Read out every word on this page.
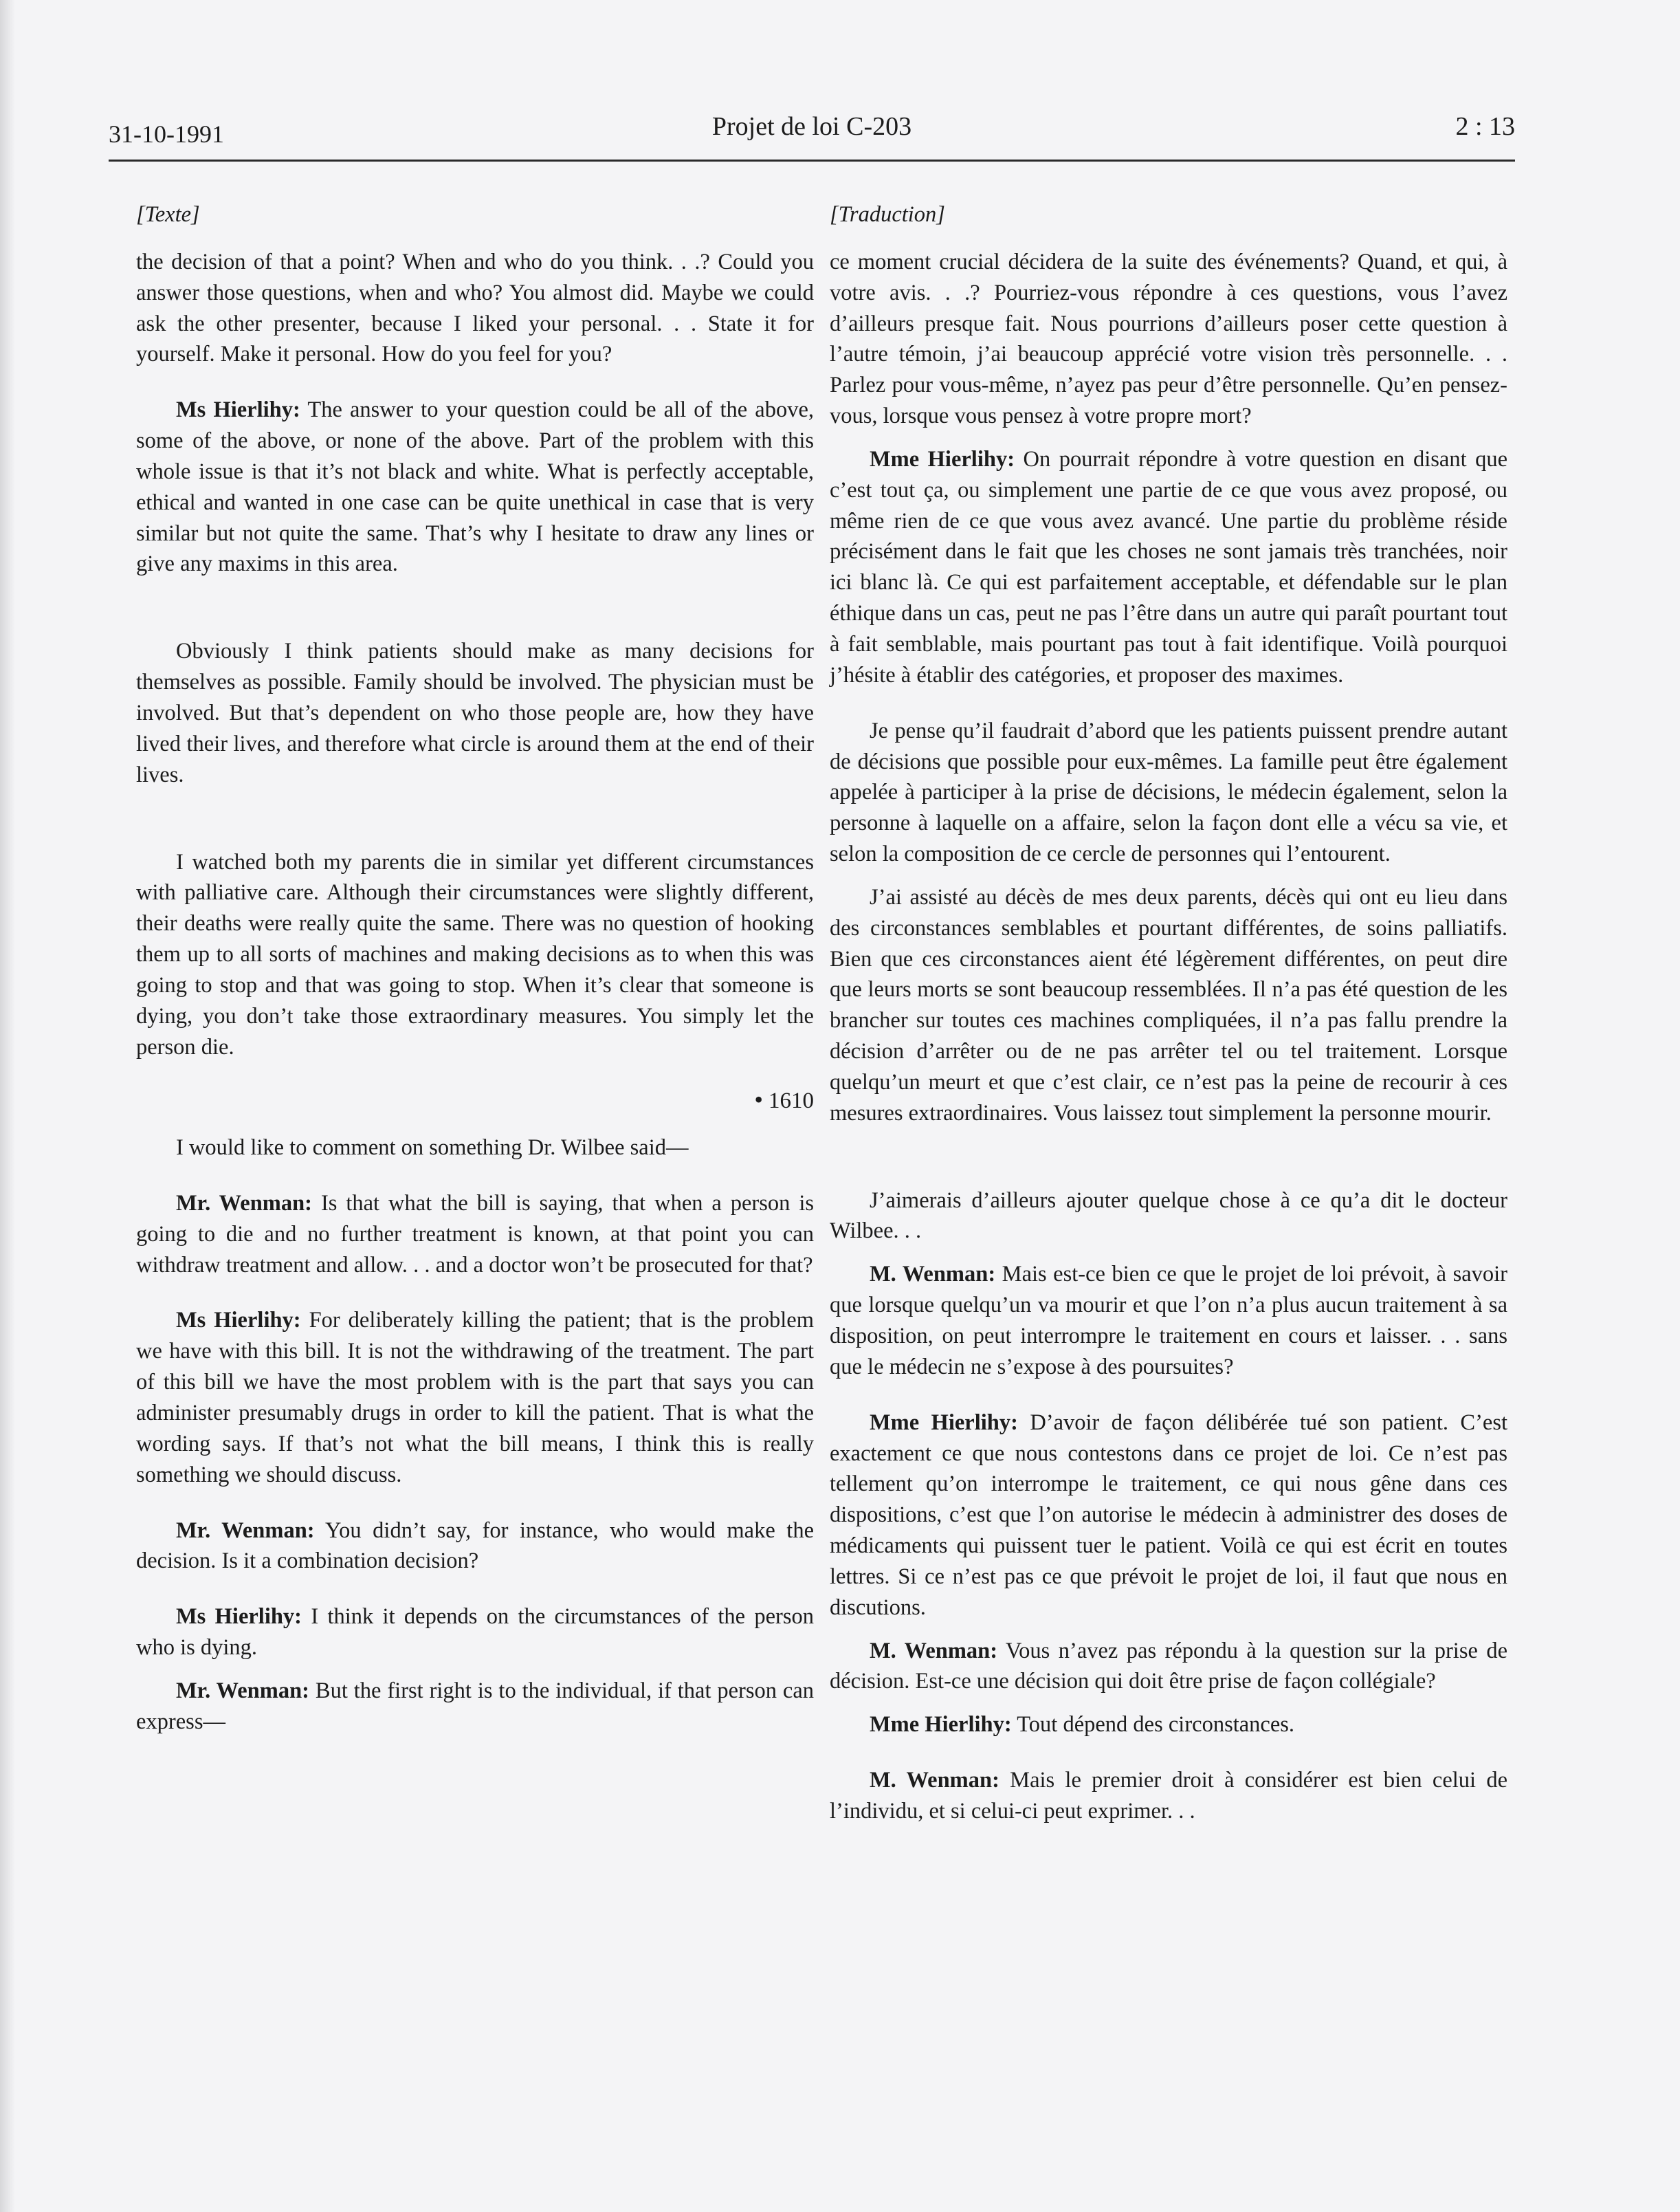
31-10-1991	Projet de loi C-203	2 : 13
[Texte]

the decision of that a point? When and who do you think. . .? Could you answer those questions, when and who? You almost did. Maybe we could ask the other presenter, because I liked your personal. . . State it for yourself. Make it personal. How do you feel for you?

Ms Hierlihy: The answer to your question could be all of the above, some of the above, or none of the above. Part of the problem with this whole issue is that it’s not black and white. What is perfectly acceptable, ethical and wanted in one case can be quite unethical in case that is very similar but not quite the same. That’s why I hesitate to draw any lines or give any maxims in this area.

Obviously I think patients should make as many decisions for themselves as possible. Family should be involved. The physician must be involved. But that’s dependent on who those people are, how they have lived their lives, and therefore what circle is around them at the end of their lives.

I watched both my parents die in similar yet different circumstances with palliative care. Although their circumstances were slightly different, their deaths were really quite the same. There was no question of hooking them up to all sorts of machines and making decisions as to when this was going to stop and that was going to stop. When it’s clear that someone is dying, you don’t take those extraordinary measures. You simply let the person die.

• 1610

I would like to comment on something Dr. Wilbee said—

Mr. Wenman: Is that what the bill is saying, that when a person is going to die and no further treatment is known, at that point you can withdraw treatment and allow. . . and a doctor won’t be prosecuted for that?

Ms Hierlihy: For deliberately killing the patient; that is the problem we have with this bill. It is not the withdrawing of the treatment. The part of this bill we have the most problem with is the part that says you can administer presumably drugs in order to kill the patient. That is what the wording says. If that’s not what the bill means, I think this is really something we should discuss.

Mr. Wenman: You didn’t say, for instance, who would make the decision. Is it a combination decision?

Ms Hierlihy: I think it depends on the circumstances of the person who is dying.

Mr. Wenman: But the first right is to the individual, if that person can express—

[Traduction]

ce moment crucial décidera de la suite des événements? Quand, et qui, à votre avis. . .? Pourriez-vous répondre à ces questions, vous l’avez d’ailleurs presque fait. Nous pourrions d’ailleurs poser cette question à l’autre témoin, j’ai beaucoup apprécié votre vision très personnelle. . . Parlez pour vous-même, n’ayez pas peur d’être personnelle. Qu’en pensez-vous, lorsque vous pensez à votre propre mort?

Mme Hierlihy: On pourrait répondre à votre question en disant que c’est tout ça, ou simplement une partie de ce que vous avez proposé, ou même rien de ce que vous avez avancé. Une partie du problème réside précisément dans le fait que les choses ne sont jamais très tranchées, noir ici blanc là. Ce qui est parfaitement acceptable, et défendable sur le plan éthique dans un cas, peut ne pas l’être dans un autre qui paraît pourtant tout à fait semblable, mais pourtant pas tout à fait identifique. Voilà pourquoi j’hésite à établir des catégories, et proposer des maximes.

Je pense qu’il faudrait d’abord que les patients puissent prendre autant de décisions que possible pour eux-mêmes. La famille peut être également appelée à participer à la prise de décisions, le médecin également, selon la personne à laquelle on a affaire, selon la façon dont elle a vécu sa vie, et selon la composition de ce cercle de personnes qui l’entourent.

J’ai assisté au décès de mes deux parents, décès qui ont eu lieu dans des circonstances semblables et pourtant différentes, de soins palliatifs. Bien que ces circonstances aient été légèrement différentes, on peut dire que leurs morts se sont beaucoup ressemblées. Il n’a pas été question de les brancher sur toutes ces machines compliquées, il n’a pas fallu prendre la décision d’arrêter ou de ne pas arrêter tel ou tel traitement. Lorsque quelqu’un meurt et que c’est clair, ce n’est pas la peine de recourir à ces mesures extraordinaires. Vous laissez tout simplement la personne mourir.

J’aimerais d’ailleurs ajouter quelque chose à ce qu’a dit le docteur Wilbee. . .

M. Wenman: Mais est-ce bien ce que le projet de loi prévoit, à savoir que lorsque quelqu’un va mourir et que l’on n’a plus aucun traitement à sa disposition, on peut interrompre le traitement en cours et laisser. . . sans que le médecin ne s’expose à des poursuites?

Mme Hierlihy: D’avoir de façon délibérée tué son patient. C’est exactement ce que nous contestons dans ce projet de loi. Ce n’est pas tellement qu’on interrompe le traitement, ce qui nous gêne dans ces dispositions, c’est que l’on autorise le médecin à administrer des doses de médicaments qui puissent tuer le patient. Voilà ce qui est écrit en toutes lettres. Si ce n’est pas ce que prévoit le projet de loi, il faut que nous en discutions.

M. Wenman: Vous n’avez pas répondu à la question sur la prise de décision. Est-ce une décision qui doit être prise de façon collégiale?

Mme Hierlihy: Tout dépend des circonstances.

M. Wenman: Mais le premier droit à considérer est bien celui de l’individu, et si celui-ci peut exprimer. . .
